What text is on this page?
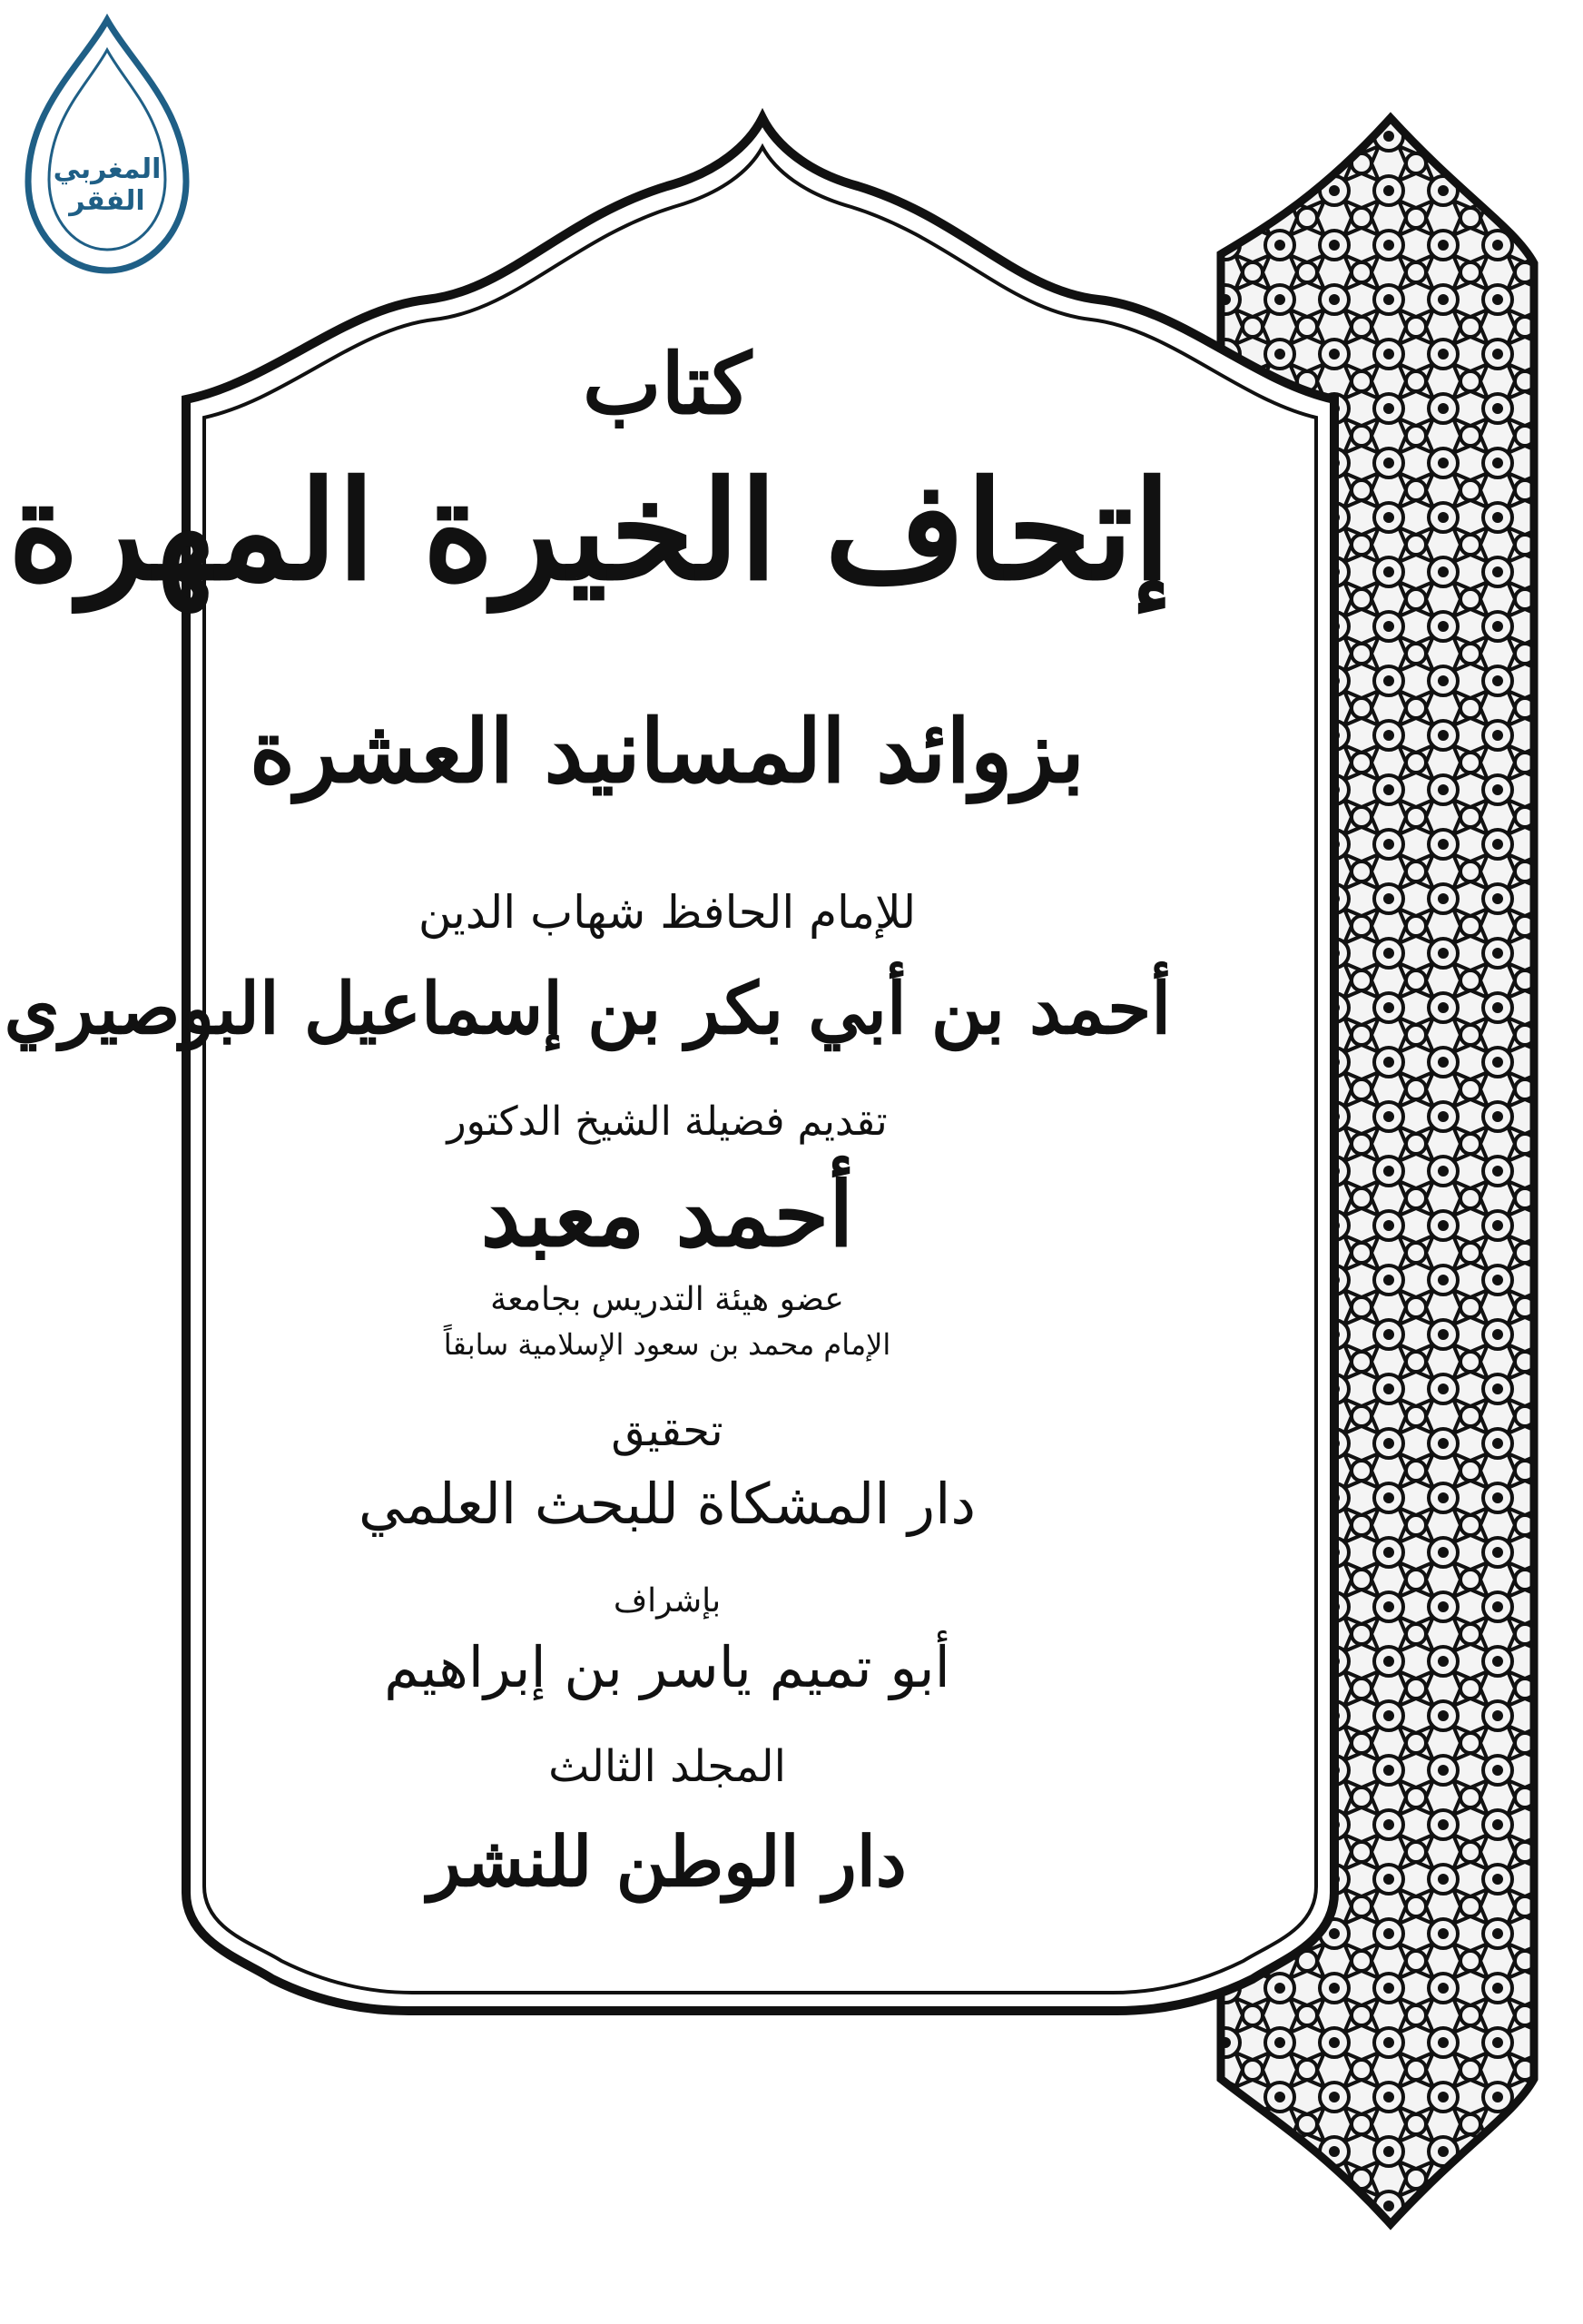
المغربي الفقر
كتاب
إتحاف الخيرة المهرة
بزوائد المسانيد العشرة
للإمام الحافظ شهاب الدين
أحمد بن أبي بكر بن إسماعيل البوصيري
تقديم فضيلة الشيخ الدكتور
أحمد معبد
عضو هيئة التدريس بجامعة
الإمام محمد بن سعود الإسلامية سابقاً
تحقيق
دار المشكاة للبحث العلمي
بإشراف
أبو تميم ياسر بن إبراهيم
المجلد الثالث
دار الوطن للنشر
